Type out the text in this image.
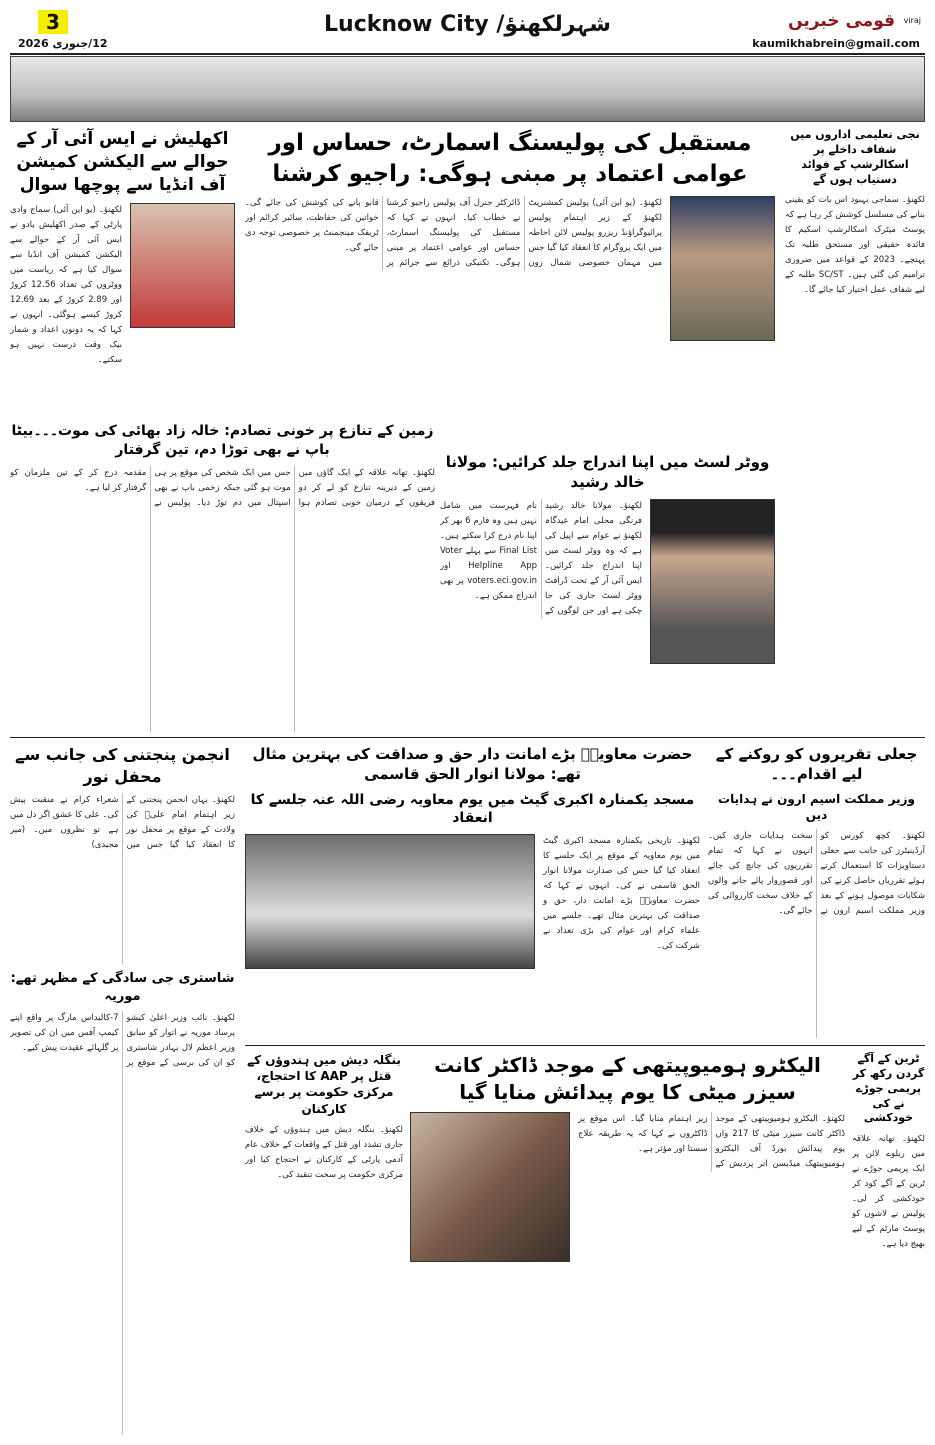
3
12/جنوری 2026
شہرلکھنؤ/ Lucknow City	قومی خبریں viraj
kaumikhabrein@gmail.com
اکھلیش نے ایس آئی آر کے حوالے سے الیکشن کمیشن آف انڈیا سے پوچھا سوال
لکھنؤ۔ (یو این آئی) سماج وادی پارٹی کے صدر اکھلیش یادو نے ایس آئی آر کے حوالے سے الیکشن کمیشن آف انڈیا سے سوال کیا ہے کہ ریاست میں ووٹروں کی تعداد 12.56 کروڑ اور 2.89 کروڑ کے بعد 12.69 کروڑ کیسے ہوگئی۔ انہوں نے کہا کہ یہ دونوں اعداد و شمار بیک وقت درست نہیں ہو سکتے۔
مستقبل کی پولیسنگ اسمارٹ، حساس اور عوامی اعتماد پر مبنی ہوگی: راجیو کرشنا
لکھنؤ۔ (یو این آئی) پولیس کمشنریٹ لکھنؤ کے زیر اہتمام پولیس پرائیوگراؤنڈ ریزرو پولیس لائن احاطہ میں ایک پروگرام کا انعقاد کیا گیا جس میں مہمان خصوصی شمال زون ڈائرکٹر جنرل آف پولیس راجیو کرشنا نے خطاب کیا۔ انہوں نے کہا کہ مستقبل کی پولیسنگ اسمارٹ، حساس اور عوامی اعتماد پر مبنی ہوگی۔ تکنیکی ذرائع سے جرائم پر قابو پانے کی کوشش کی جائے گی۔ خواتین کی حفاظت، سائبر کرائم اور ٹریفک مینجمنٹ پر خصوصی توجہ دی جائے گی۔
زمین کے تنازع پر خونی تصادم: خالہ زاد بھائی کی موت۔۔۔بیٹا باپ نے بھی توڑا دم، تین گرفتار
لکھنؤ۔ تھانہ علاقہ کے ایک گاؤں میں زمین کے دیرینہ تنازع کو لے کر دو فریقوں کے درمیان خونی تصادم ہوا جس میں ایک شخص کی موقع پر ہی موت ہو گئی جبکہ زخمی باپ نے بھی اسپتال میں دم توڑ دیا۔ پولیس نے مقدمہ درج کر کے تین ملزمان کو گرفتار کر لیا ہے۔
ووٹر لسٹ میں اپنا اندراج جلد کرائیں: مولانا خالد رشید
لکھنؤ۔ مولانا خالد رشید فرنگی محلی امام عیدگاہ لکھنؤ نے عوام سے اپیل کی ہے کہ وہ ووٹر لسٹ میں اپنا اندراج جلد کرائیں۔ ایس آئی آر کے تحت ڈرافٹ ووٹر لسٹ جاری کی جا چکی ہے اور جن لوگوں کے نام فہرست میں شامل نہیں ہیں وہ فارم 6 بھر کر اپنا نام درج کرا سکتے ہیں۔ Final List سے پہلے Voter Helpline App اور voters.eci.gov.in پر بھی اندراج ممکن ہے۔
نجی تعلیمی اداروں میں شفاف داخلے پر اسکالرشپ کے فوائد دستیاب ہوں گے
لکھنؤ۔ سماجی بہبود اس بات کو یقینی بنانے کی مسلسل کوشش کر رہا ہے کہ پوسٹ میٹرک اسکالرشپ اسکیم کا فائدہ حقیقی اور مستحق طلبہ تک پہنچے۔ 2023 کے قواعد میں ضروری ترامیم کی گئی ہیں۔ SC/ST طلبہ کے لیے شفاف عمل اختیار کیا جائے گا۔
انجمن پنجتنی کی جانب سے محفل نور
لکھنؤ۔ یہاں انجمن پنجتنی کے زیر اہتمام امام علیؑ کی ولادت کے موقع پر محفل نور کا انعقاد کیا گیا جس میں شعراء کرام نے منقبت پیش کی۔ علی کا عشق اگر دل میں ہے تو نظروں میں۔ (میر مجیدی)
شاستری جی سادگی کے مظہر تھے: موریہ
لکھنؤ۔ نائب وزیر اعلیٰ کیشو پرساد موریہ نے اتوار کو سابق وزیر اعظم لال بہادر شاستری کو ان کی برسی کے موقع پر 7-کالیداس مارگ پر واقع اپنے کیمپ آفس میں ان کی تصویر پر گلہائے عقیدت پیش کیے۔
حضرت معاویہؓ بڑے امانت دار حق و صداقت کی بہترین مثال تھے: مولانا انوار الحق قاسمی
مسجد یکمنارہ اکبری گیٹ میں یوم معاویہ رضی اللہ عنہ جلسے کا انعقاد
لکھنؤ۔ تاریخی یکمنارہ مسجد اکبری گیٹ میں یوم معاویہ کے موقع پر ایک جلسے کا انعقاد کیا گیا جس کی صدارت مولانا انوار الحق قاسمی نے کی۔ انہوں نے کہا کہ حضرت معاویہؓ بڑے امانت دار، حق و صداقت کی بہترین مثال تھے۔ جلسے میں علماء کرام اور عوام کی بڑی تعداد نے شرکت کی۔
جعلی تقریروں کو روکنے کے لیے اقدام۔۔۔
وزیر مملکت اسیم ارون نے ہدایات دیں
لکھنؤ۔ کچھ کورس کو آرڈینیٹرز کی جانب سے جعلی دستاویزات کا استعمال کرتے ہوئے تقرریاں حاصل کرنے کی شکایات موصول ہونے کے بعد وزیر مملکت اسیم ارون نے سخت ہدایات جاری کیں۔ انہوں نے کہا کہ تمام تقرریوں کی جانچ کی جائے اور قصوروار پائے جانے والوں کے خلاف سخت کارروائی کی جائے گی۔
بنگلہ دیش میں ہندوؤں کے قتل پر AAP کا احتجاج، مرکزی حکومت پر برسے کارکنان
لکھنؤ۔ بنگلہ دیش میں ہندوؤں کے خلاف جاری تشدد اور قتل کے واقعات کے خلاف عام آدمی پارٹی کے کارکنان نے احتجاج کیا اور مرکزی حکومت پر سخت تنقید کی۔
الیکٹرو ہومیوپیتھی کے موجد ڈاکٹر کانت سیزر میٹی کا یوم پیدائش منایا گیا
لکھنؤ۔ الیکٹرو ہومیوپیتھی کے موجد ڈاکٹر کانت سیزر میٹی کا 217 واں یوم پیدائش بورڈ آف الیکٹرو ہومیوپیتھک میڈیسن اتر پردیش کے زیر اہتمام منایا گیا۔ اس موقع پر ڈاکٹروں نے کہا کہ یہ طریقہ علاج سستا اور مؤثر ہے۔
ٹرین کے آگے گردن رکھ کر پریمی جوڑے نے کی خودکشی
لکھنؤ۔ تھانہ علاقہ میں ریلوے لائن پر ایک پریمی جوڑے نے ٹرین کے آگے کود کر خودکشی کر لی۔ پولیس نے لاشوں کو پوسٹ مارٹم کے لیے بھیج دیا ہے۔
